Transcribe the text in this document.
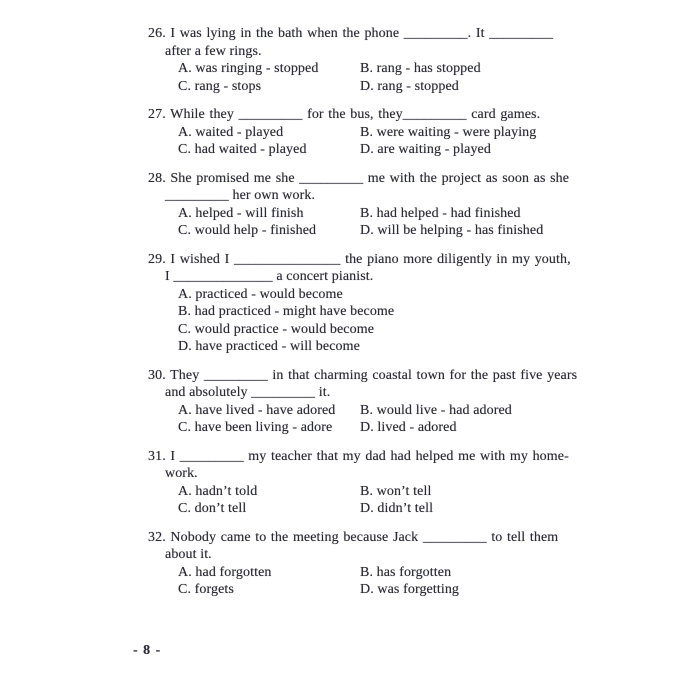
26. I was lying in the bath when the phone _________. It _________
after a few rings.
A. was ringing - stopped	B. rang - has stopped
C. rang - stops	D. rang - stopped
27. While they _________ for the bus, they_________ card games.
A. waited - played	B. were waiting - were playing
C. had waited - played	D. are waiting - played
28. She promised me she _________ me with the project as soon as she
_________ her own work.
A. helped - will finish	B. had helped - had finished
C. would help - finished	D. will be helping - has finished
29. I wished I _______________ the piano more diligently in my youth,
I ______________ a concert pianist.
A. practiced - would become
B. had practiced - might have become
C. would practice - would become
D. have practiced - will become
30. They _________ in that charming coastal town for the past five years
and absolutely _________ it.
A. have lived - have adored	B. would live - had adored
C. have been living - adore	D. lived - adored
31. I _________ my teacher that my dad had helped me with my home-
work.
A. hadn’t told	B. won’t tell
C. don’t tell	D. didn’t tell
32. Nobody came to the meeting because Jack _________ to tell them
about it.
A. had forgotten	B. has forgotten
C. forgets	D. was forgetting
- 8 -
